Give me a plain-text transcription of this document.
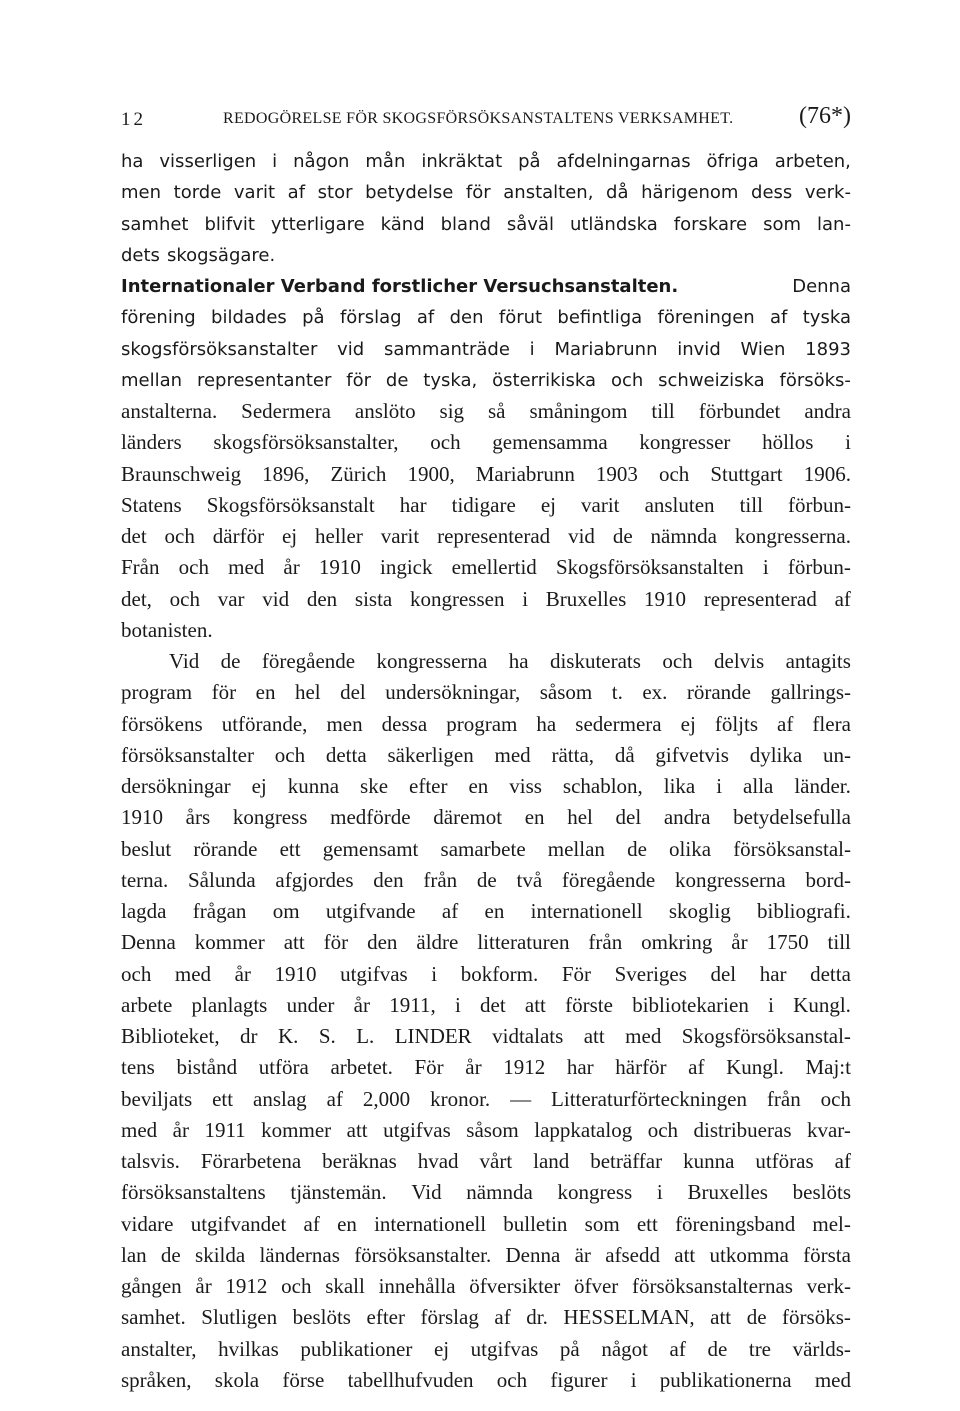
12	REDOGÖRELSE FÖR SKOGSFÖRSÖKSANSTALTENS VERKSAMHET.	(76*)
ha visserligen i någon mån inkräktat på afdelningarnas öfriga arbeten,
men torde varit af stor betydelse för anstalten, då härigenom dess verk-
samhet blifvit ytterligare känd bland såväl utländska forskare som lan-
dets skogsägare.
Internationaler Verband forstlicher Versuchsanstalten.	Denna
förening bildades på förslag af den förut befintliga föreningen af tyska
skogsförsöksanstalter vid sammanträde i Mariabrunn invid Wien 1893
mellan representanter för de tyska, österrikiska och schweiziska försöks-
anstalterna. Sedermera anslöto sig så småningom till förbundet andra
länders skogsförsöksanstalter, och gemensamma kongresser höllos i
Braunschweig 1896, Zürich 1900, Mariabrunn 1903 och Stuttgart 1906.
Statens Skogsförsöksanstalt har tidigare ej varit ansluten till förbun-
det och därför ej heller varit representerad vid de nämnda kongresserna.
Från och med år 1910 ingick emellertid Skogsförsöksanstalten i förbun-
det, och var vid den sista kongressen i Bruxelles 1910 representerad af
botanisten.
Vid de föregående kongresserna ha diskuterats och delvis antagits
program för en hel del undersökningar, såsom t. ex. rörande gallrings-
försökens utförande, men dessa program ha sedermera ej följts af flera
försöksanstalter och detta säkerligen med rätta, då gifvetvis dylika un-
dersökningar ej kunna ske efter en viss schablon, lika i alla länder.
1910 års kongress medförde däremot en hel del andra betydelsefulla
beslut rörande ett gemensamt samarbete mellan de olika försöksanstal-
terna. Sålunda afgjordes den från de två föregående kongresserna bord-
lagda frågan om utgifvande af en internationell skoglig bibliografi.
Denna kommer att för den äldre litteraturen från omkring år 1750 till
och med år 1910 utgifvas i bokform. För Sveriges del har detta
arbete planlagts under år 1911, i det att förste bibliotekarien i Kungl.
Biblioteket, dr K. S. L. LINDER vidtalats att med Skogsförsöksanstal-
tens bistånd utföra arbetet. För år 1912 har härför af Kungl. Maj:t
beviljats ett anslag af 2,000 kronor. — Litteraturförteckningen från och
med år 1911 kommer att utgifvas såsom lappkatalog och distribueras kvar-
talsvis. Förarbetena beräknas hvad vårt land beträffar kunna utföras af
försöksanstaltens tjänstemän. Vid nämnda kongress i Bruxelles beslöts
vidare utgifvandet af en internationell bulletin som ett föreningsband mel-
lan de skilda ländernas försöksanstalter. Denna är afsedd att utkomma första
gången år 1912 och skall innehålla öfversikter öfver försöksanstalternas verk-
samhet. Slutligen beslöts efter förslag af dr. HESSELMAN, att de försöks-
anstalter, hvilkas publikationer ej utgifvas på något af de tre världs-
språken, skola förse tabellhufvuden och figurer i publikationerna med
